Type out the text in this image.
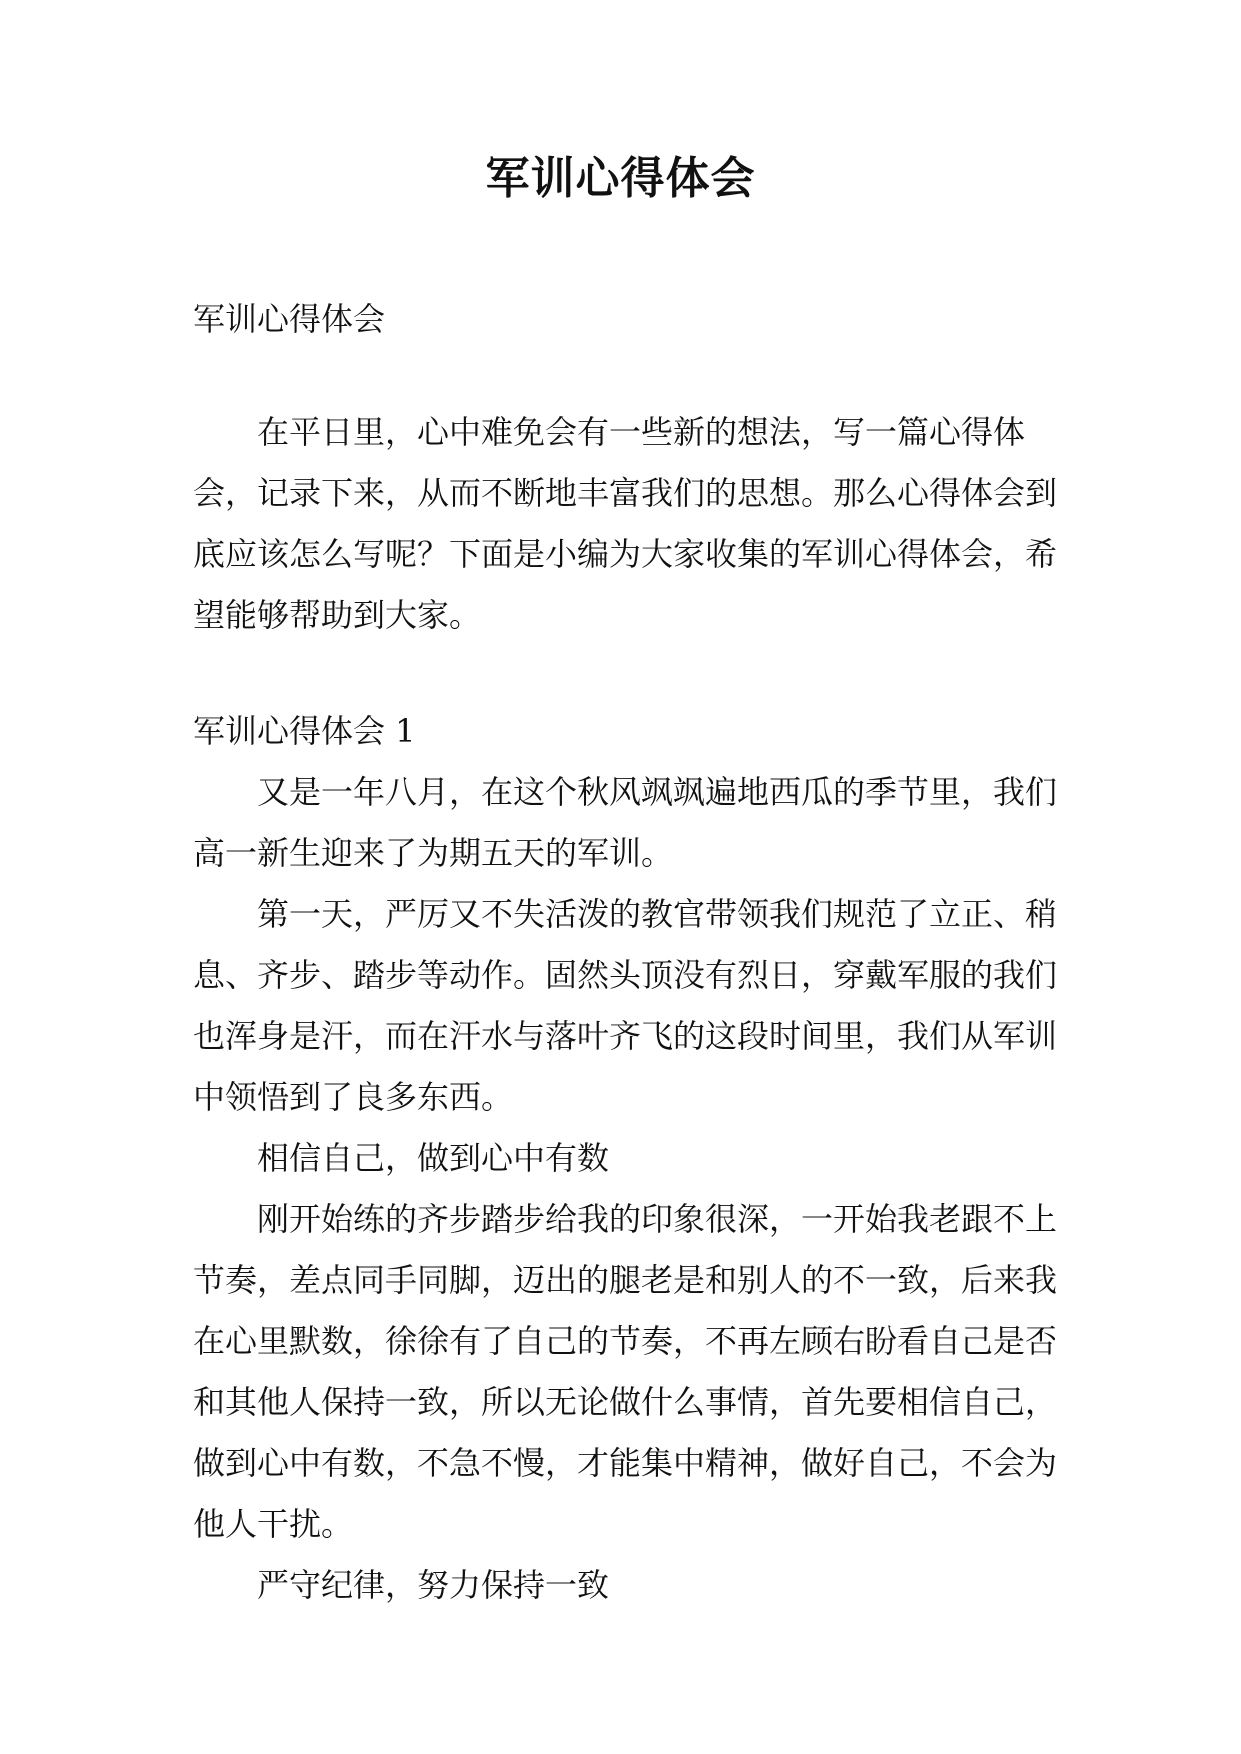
军训心得体会

军训心得体会

在平日里，心中难免会有一些新的想法，写一篇心得体会，记录下来，从而不断地丰富我们的思想。那么心得体会到底应该怎么写呢？下面是小编为大家收集的军训心得体会，希望能够帮助到大家。

军训心得体会 1

又是一年八月，在这个秋风飒飒遍地西瓜的季节里，我们高一新生迎来了为期五天的军训。

第一天，严厉又不失活泼的教官带领我们规范了立正、稍息、齐步、踏步等动作。固然头顶没有烈日，穿戴军服的我们也浑身是汗，而在汗水与落叶齐飞的这段时间里，我们从军训中领悟到了良多东西。

相信自己，做到心中有数

刚开始练的齐步踏步给我的印象很深，一开始我老跟不上节奏，差点同手同脚，迈出的腿老是和别人的不一致，后来我在心里默数，徐徐有了自己的节奏，不再左顾右盼看自己是否和其他人保持一致，所以无论做什么事情，首先要相信自己，做到心中有数，不急不慢，才能集中精神，做好自己，不会为他人干扰。

严守纪律，努力保持一致
